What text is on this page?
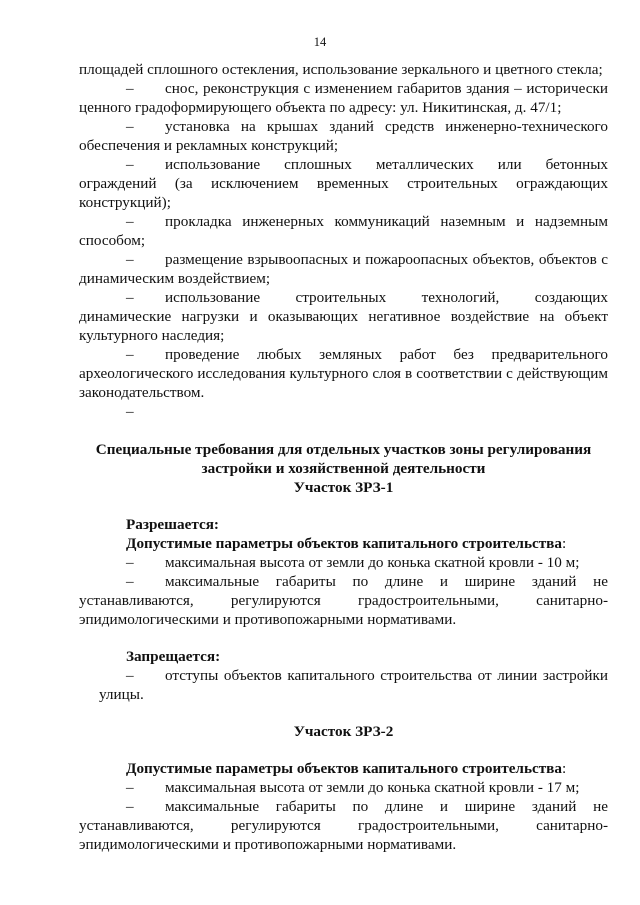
14

площадей сплошного остекления, использование зеркального и цветного стекла;

– снос, реконструкция с изменением габаритов здания – исторически ценного градоформирующего объекта по адресу: ул. Никитинская, д. 47/1;

– установка на крышах зданий средств инженерно-технического обеспечения и рекламных конструкций;

– использование сплошных металлических или бетонных ограждений (за исключением временных строительных ограждающих конструкций);

– прокладка инженерных коммуникаций наземным и надземным способом;

– размещение взрывоопасных и пожароопасных объектов, объектов с динамическим воздействием;

– использование строительных технологий, создающих динамические нагрузки и оказывающих негативное воздействие на объект культурного наследия;

– проведение любых земляных работ без предварительного археологического исследования культурного слоя в соответствии с действующим законодательством.

–

Специальные требования для отдельных участков зоны регулирования

застройки и хозяйственной деятельности

Участок ЗРЗ-1

Разрешается:

Допустимые параметры объектов капитального строительства:

– максимальная высота от земли до конька скатной кровли - 10 м;

– максимальные габариты по длине и ширине зданий не устанавливаются, регулируются градостроительными, санитарно-эпидимологическими и противопожарными нормативами.

Запрещается:

– отступы объектов капитального строительства от линии застройки улицы.

Участок ЗРЗ-2

Допустимые параметры объектов капитального строительства:

– максимальная высота от земли до конька скатной кровли - 17 м;

– максимальные габариты по длине и ширине зданий не устанавливаются, регулируются градостроительными, санитарно-эпидимологическими и противопожарными нормативами.
